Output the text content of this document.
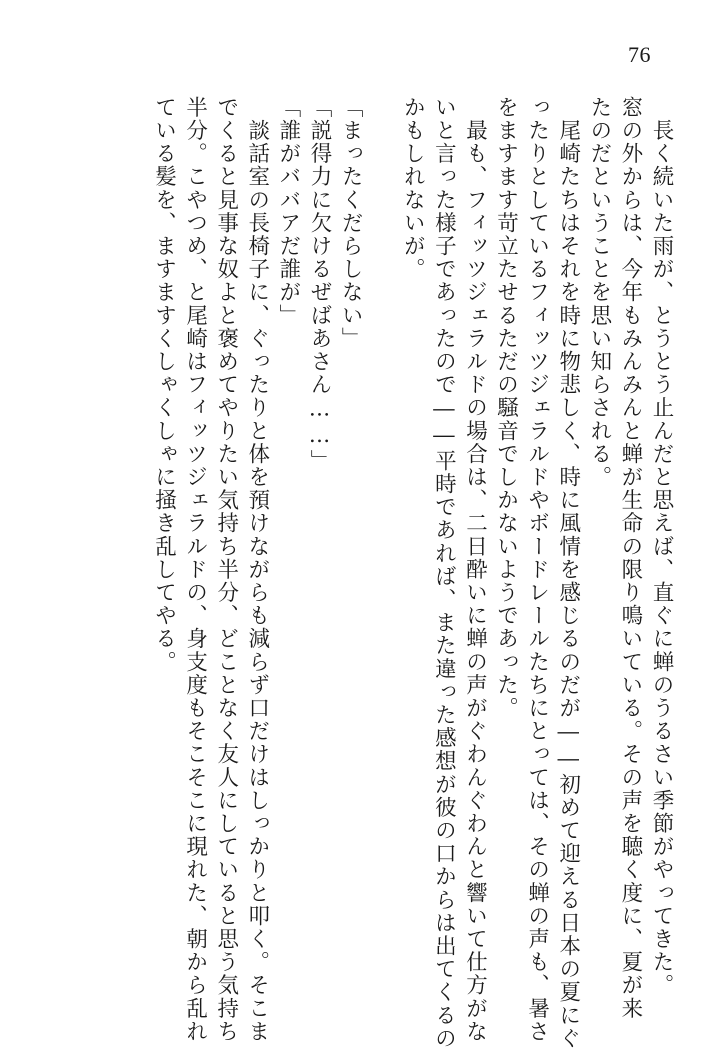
76

　長く続いた雨が、とうとう止んだと思えば、直ぐに蝉のうるさい季節がやってきた。

窓の外からは、今年もみんみんと蝉が生命の限り鳴いている。その声を聴く度に、夏が来

たのだということを思い知らされる。

　尾崎たちはそれを時に物悲しく、時に風情を感じるのだが――初めて迎える日本の夏にぐ

ったりとしているフィッツジェラルドやボードレールたちにとっては、その蝉の声も、暑さ

をますます苛立たせるただの騒音でしかないようであった。

　最も、フィッツジェラルドの場合は、二日酔いに蝉の声がぐわんぐわんと響いて仕方がな

いと言った様子であったので――平時であれば、また違った感想が彼の口からは出てくるの

かもしれないが。

「まったくだらしない」

「説得力に欠けるぜばあさん……」

「誰がババアだ誰が」

　談話室の長椅子に、ぐったりと体を預けながらも減らず口だけはしっかりと叩く。そこま

でくると見事な奴よと褒めてやりたい気持ち半分、どことなく友人にしていると思う気持ち

半分。こやつめ、と尾崎はフィッツジェラルドの、身支度もそこそこに現れた、朝から乱れ

ている髪を、ますますくしゃくしゃに掻き乱してやる。
